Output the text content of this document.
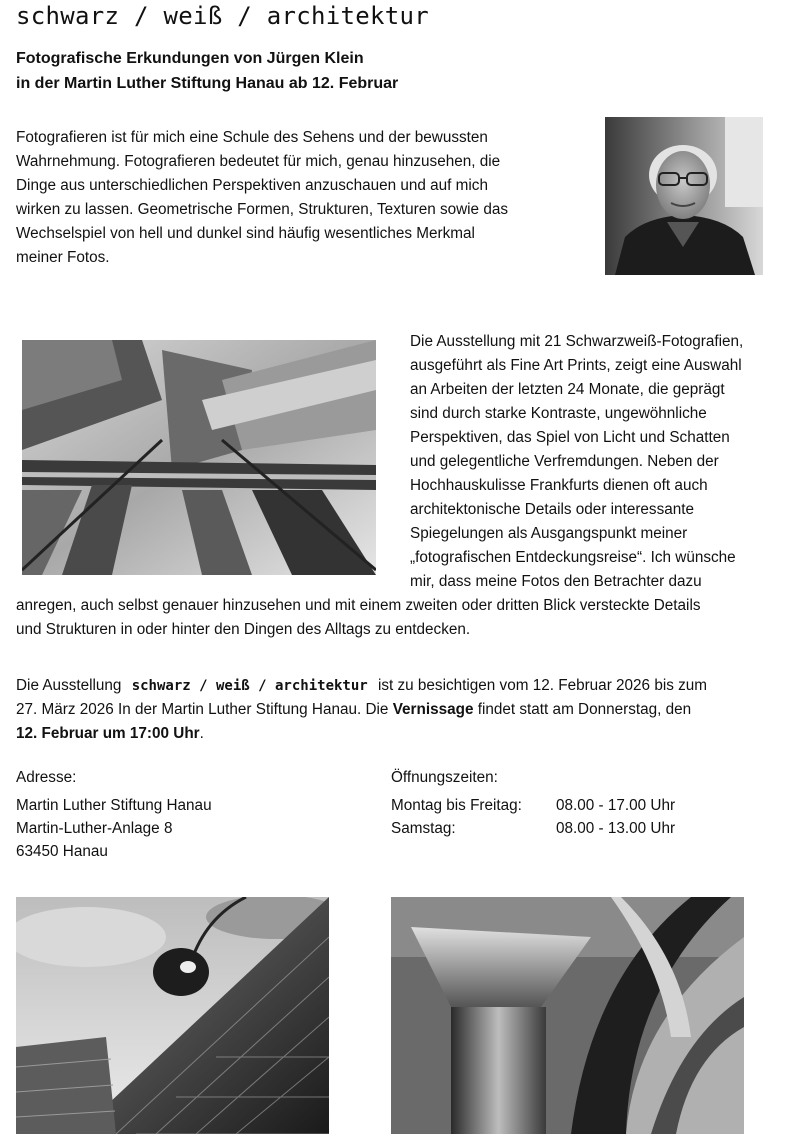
schwarz / weiß / architektur
Fotografische Erkundungen von Jürgen Klein
in der Martin Luther Stiftung Hanau ab 12. Februar
Fotografieren ist für mich eine Schule des Sehens und der bewussten
Wahrnehmung. Fotografieren bedeutet für mich, genau hinzusehen, die
Dinge aus unterschiedlichen Perspektiven anzuschauen und auf mich
wirken zu lassen. Geometrische Formen, Strukturen, Texturen sowie das
Wechselspiel von hell und dunkel sind häufig wesentliches Merkmal
meiner Fotos.
Die Ausstellung mit 21 Schwarzweiß-Fotografien,
ausgeführt als Fine Art Prints, zeigt eine Auswahl
an Arbeiten der letzten 24 Monate, die geprägt
sind durch starke Kontraste, ungewöhnliche
Perspektiven, das Spiel von Licht und Schatten
und gelegentliche Verfremdungen. Neben der
Hochhauskulisse Frankfurts dienen oft auch
architektonische Details oder interessante
Spiegelungen als Ausgangspunkt meiner
„fotografischen Entdeckungsreise“. Ich wünsche
mir, dass meine Fotos den Betrachter dazu
anregen, auch selbst genauer hinzusehen und mit einem zweiten oder dritten Blick versteckte Details
und Strukturen in oder hinter den Dingen des Alltags zu entdecken.
Die Ausstellung schwarz / weiß / architektur ist zu besichtigen vom 12. Februar 2026 bis zum
27. März 2026 In der Martin Luther Stiftung Hanau. Die Vernissage findet statt am Donnerstag, den
12. Februar um 17:00 Uhr.
Adresse:
Martin Luther Stiftung Hanau
Martin-Luther-Anlage 8
63450 Hanau
Öffnungszeiten:
Montag bis Freitag:	08.00 - 17.00 Uhr
Samstag:	08.00 - 13.00 Uhr
